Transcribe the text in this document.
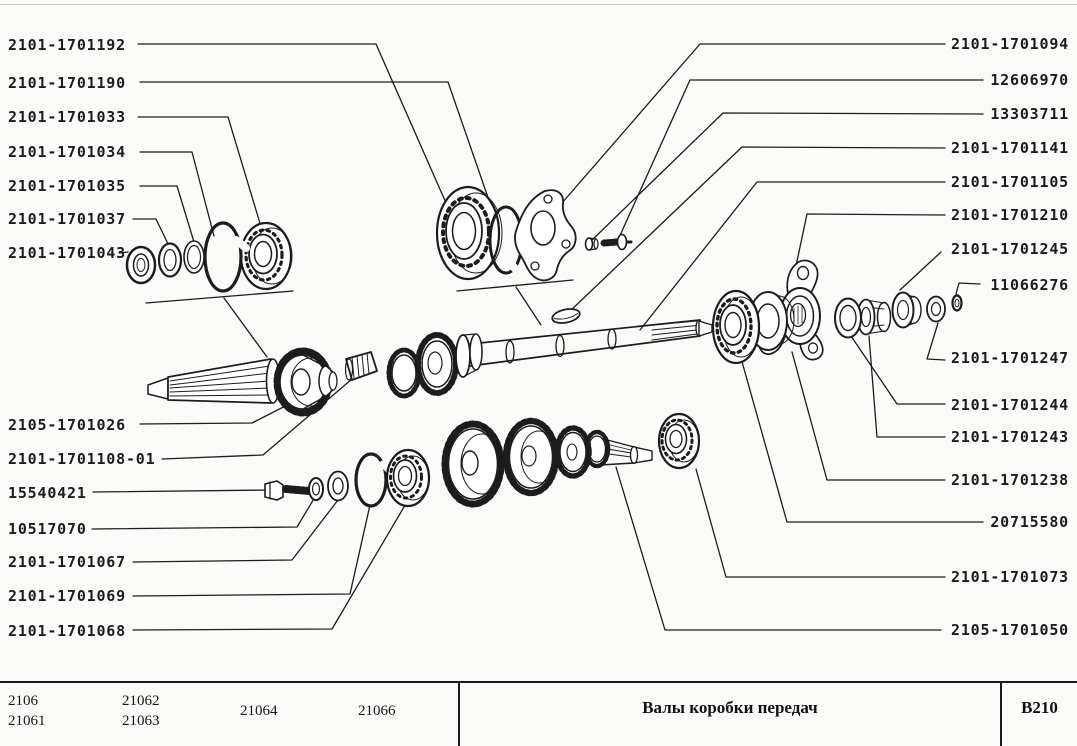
2101-1701192
2101-1701190
2101-1701033
2101-1701034
2101-1701035
2101-1701037
2101-1701043
2105-1701026
2101-1701108-01
15540421
10517070
2101-1701067
2101-1701069
2101-1701068
2101-1701094
12606970
13303711
2101-1701141
2101-1701105
2101-1701210
2101-1701245
11066276
2101-1701247
2101-1701244
2101-1701243
2101-1701238
20715580
2101-1701073
2105-1701050
2106
21061
21062
21063
21064	21066	Валы коробки передач	В210
